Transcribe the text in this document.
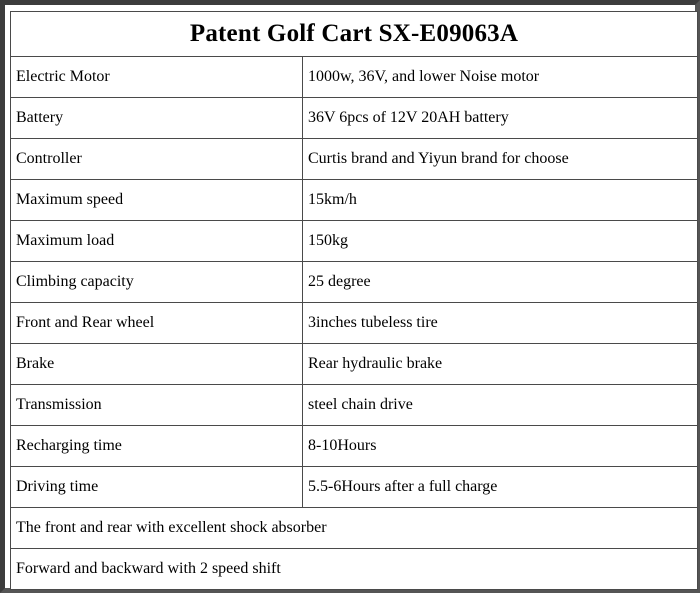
Patent Golf Cart SX-E09063A	
Electric Motor	1000w, 36V, and lower Noise motor
Battery	36V 6pcs of 12V 20AH battery
Controller	Curtis brand and Yiyun brand for choose
Maximum speed	15km/h
Maximum load	150kg
Climbing capacity	25 degree
Front and Rear wheel	3inches tubeless tire
Brake	Rear hydraulic brake
Transmission	steel chain drive
Recharging time	8-10Hours
Driving time	5.5-6Hours after a full charge
The front and rear with excellent shock absorber	
Forward and backward with 2 speed shift	
